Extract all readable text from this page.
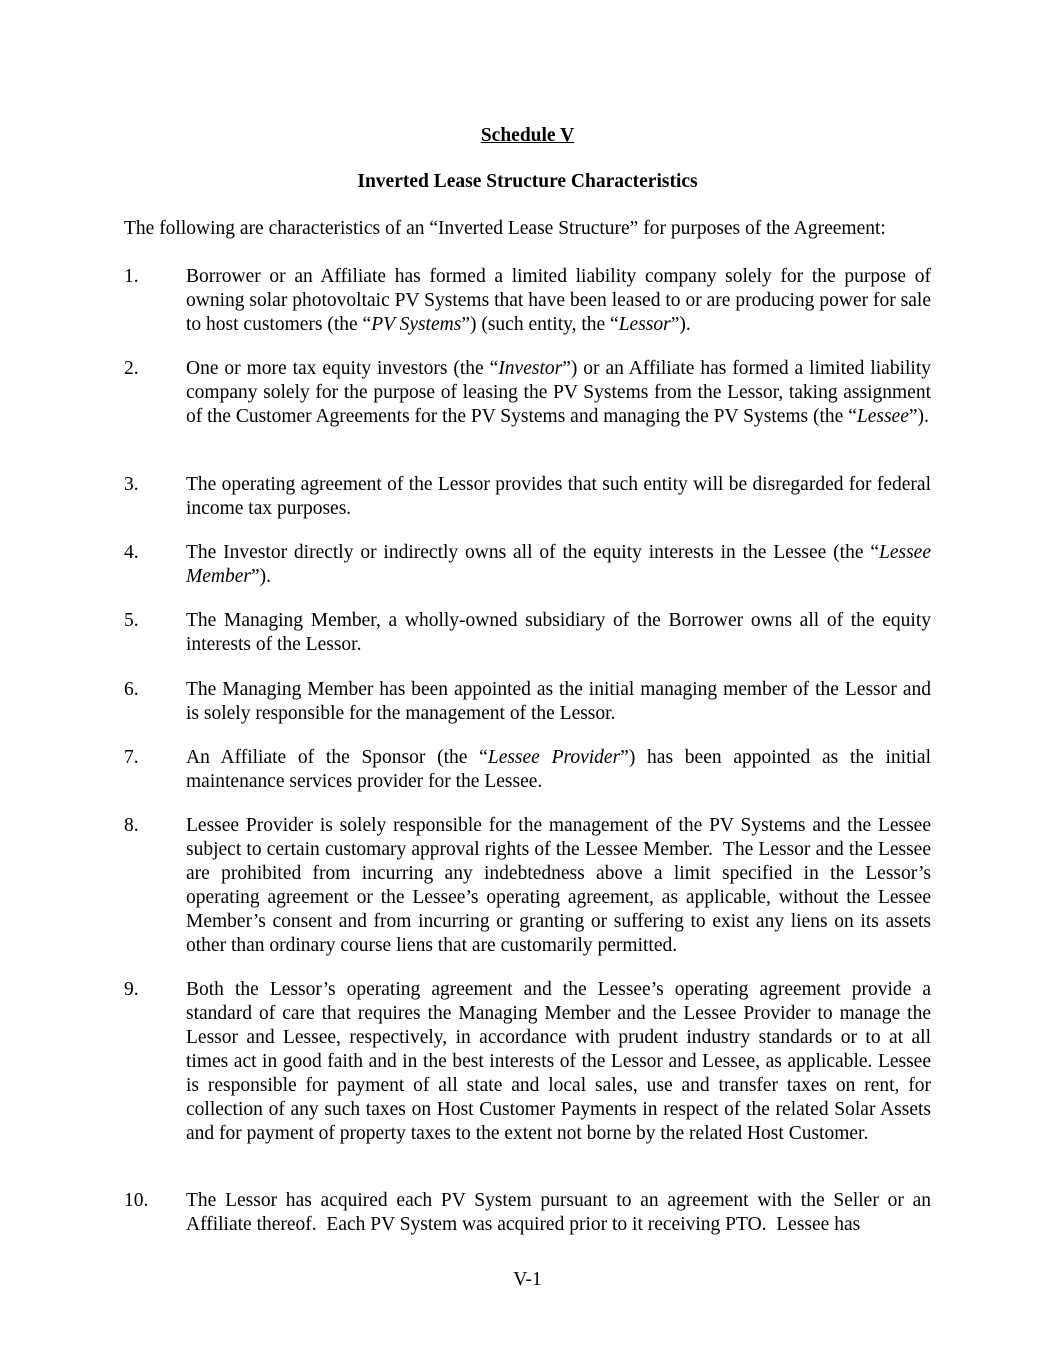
Schedule V
Inverted Lease Structure Characteristics
The following are characteristics of an “Inverted Lease Structure” for purposes of the Agreement:
1.	Borrower or an Affiliate has formed a limited liability company solely for the purpose of owning solar photovoltaic PV Systems that have been leased to or are producing power for sale to host customers (the “PV Systems”) (such entity, the “Lessor”).
2.	One or more tax equity investors (the “Investor”) or an Affiliate has formed a limited liability company solely for the purpose of leasing the PV Systems from the Lessor, taking assignment of the Customer Agreements for the PV Systems and managing the PV Systems (the “Lessee”).
3.	The operating agreement of the Lessor provides that such entity will be disregarded for federal income tax purposes.
4.	The Investor directly or indirectly owns all of the equity interests in the Lessee (the “Lessee Member”).
5.	The Managing Member, a wholly-owned subsidiary of the Borrower owns all of the equity interests of the Lessor.
6.	The Managing Member has been appointed as the initial managing member of the Lessor and is solely responsible for the management of the Lessor.
7.	An Affiliate of the Sponsor (the “Lessee Provider”) has been appointed as the initial maintenance services provider for the Lessee.
8.	Lessee Provider is solely responsible for the management of the PV Systems and the Lessee subject to certain customary approval rights of the Lessee Member.  The Lessor and the Lessee are prohibited from incurring any indebtedness above a limit specified in the Lessor’s operating agreement or the Lessee’s operating agreement, as applicable, without the Lessee Member’s consent and from incurring or granting or suffering to exist any liens on its assets other than ordinary course liens that are customarily permitted.
9.	Both the Lessor’s operating agreement and the Lessee’s operating agreement provide a standard of care that requires the Managing Member and the Lessee Provider to manage the Lessor and Lessee, respectively, in accordance with prudent industry standards or to at all times act in good faith and in the best interests of the Lessor and Lessee, as applicable. Lessee is responsible for payment of all state and local sales, use and transfer taxes on rent, for collection of any such taxes on Host Customer Payments in respect of the related Solar Assets and for payment of property taxes to the extent not borne by the related Host Customer.
10.	The Lessor has acquired each PV System pursuant to an agreement with the Seller or an Affiliate thereof.  Each PV System was acquired prior to it receiving PTO.  Lessee has
V-1
